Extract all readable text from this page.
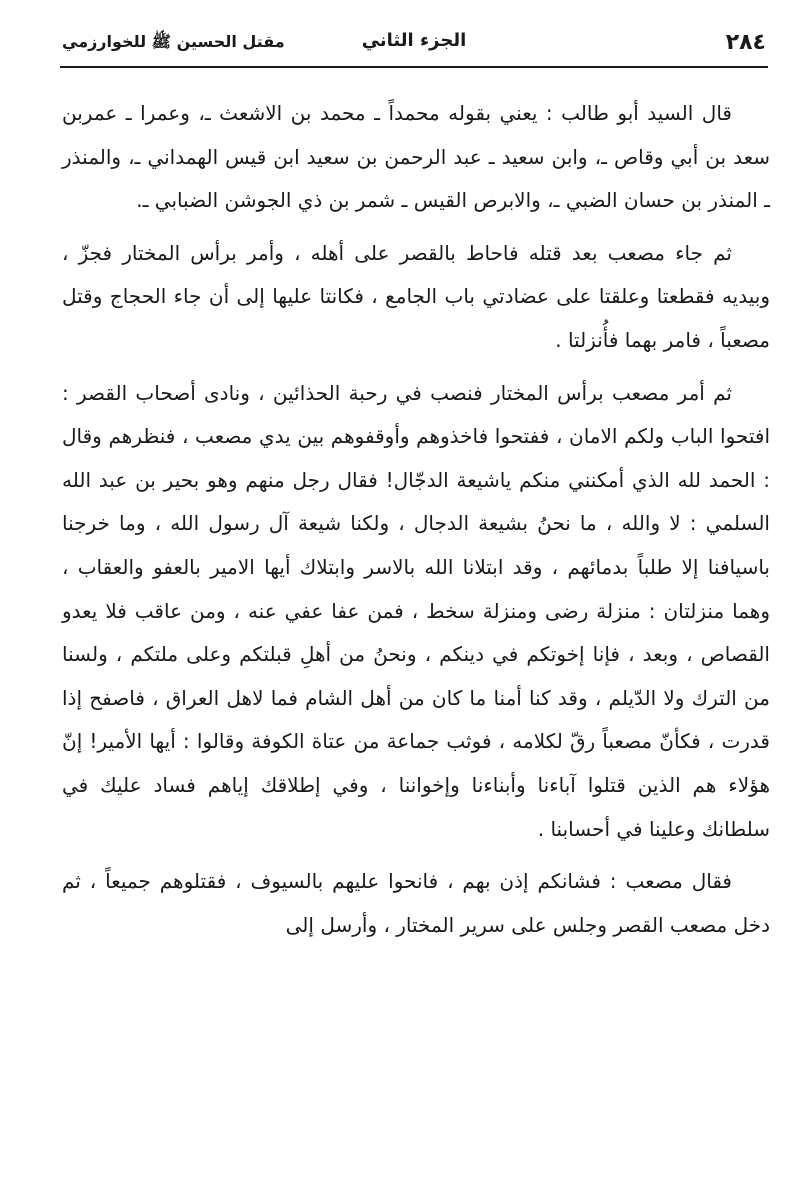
٢٨٤
الجزء الثاني
مقتل الحسين ﷺ للخوارزمي

قال السيد أبو طالب : يعني بقوله محمداً ـ محمد بن الاشعث ـ، وعمرا ـ عمربن سعد بن أبي وقاص ـ، وابن سعيد ـ عبد الرحمن بن سعيد ابن قيس الهمداني ـ، والمنذر ـ المنذر بن حسان الضبي ـ، والابرص القيس ـ شمر بن ذي الجوشن الضبابي ـ.

ثم جاء مصعب بعد قتله فاحاط بالقصر على أهله ، وأمر برأس المختار فجزّ ، وبيديه فقطعتا وعلقتا على عضادتي باب الجامع ، فكانتا عليها إلى أن جاء الحجاج وقتل مصعباً ، فامر بهما فأُنزلتا .

ثم أمر مصعب برأس المختار فنصب في رحبة الحذائين ، ونادى أصحاب القصر : افتحوا الباب ولكم الامان ، ففتحوا فاخذوهم وأوقفوهم بين يدي مصعب ، فنظرهم وقال : الحمد لله الذي أمكنني منكم ياشيعة الدجّال! فقال رجل منهم وهو بحير بن عبد الله السلمي : لا والله ، ما نحنُ بشيعة الدجال ، ولكنا شيعة آل رسول الله ، وما خرجنا باسيافنا إلا طلباً بدمائهم ، وقد ابتلانا الله بالاسر وابتلاك أيها الامير بالعفو والعقاب ، وهما منزلتان : منزلة رضى ومنزلة سخط ، فمن عفا عفي عنه ، ومن عاقب فلا يعدو القصاص ، وبعد ، فإنا إخوتكم في دينكم ، ونحنُ من أهلِ قبلتكم وعلى ملتكم ، ولسنا من الترك ولا الدّيلم ، وقد كنا أمنا ما كان من أهل الشام فما لاهل العراق ، فاصفح إذا قدرت ، فكأنّ مصعباً رقّ لكلامه ، فوثب جماعة من عتاة الكوفة وقالوا : أيها الأمير! إنّ هؤلاء هم الذين قتلوا آباءنا وأبناءنا وإخواننا ، وفي إطلاقك إياهم فساد عليك في سلطانك وعلينا في أحسابنا .

فقال مصعب : فشانكم إذن بهم ، فانحوا عليهم بالسيوف ، فقتلوهم جميعاً ، ثم دخل مصعب القصر وجلس على سرير المختار ، وأرسل إلى
